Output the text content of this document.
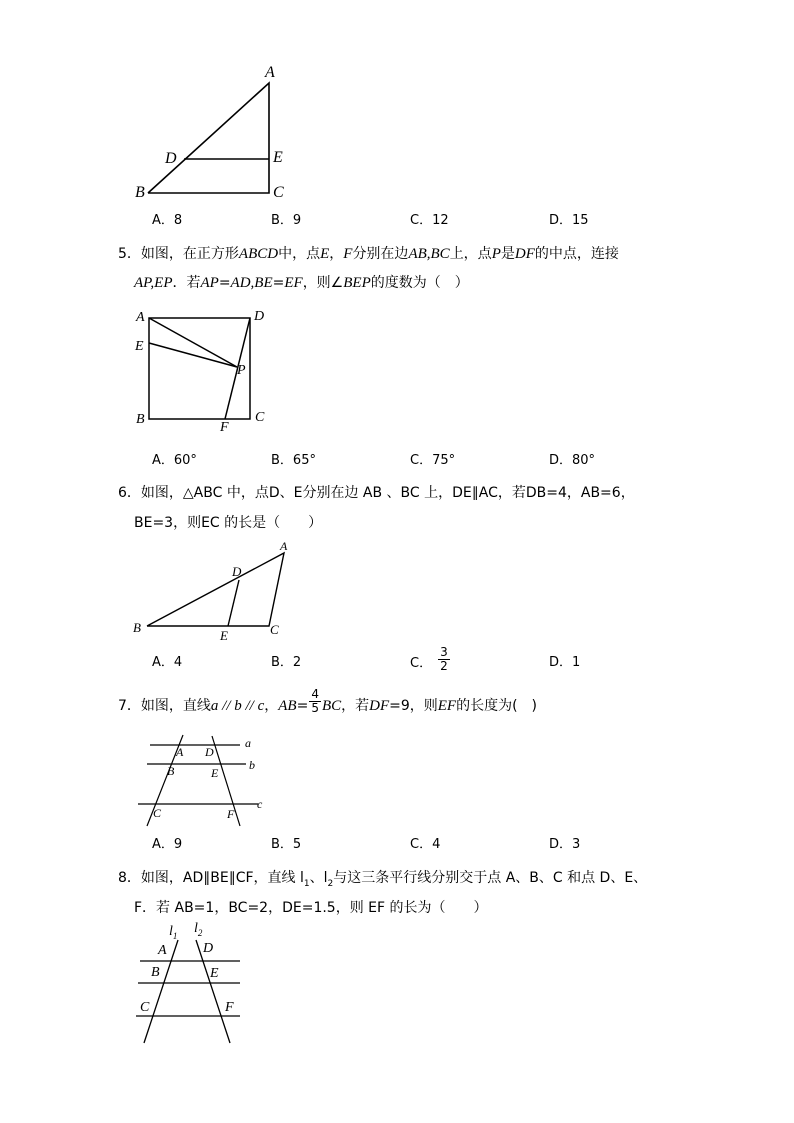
A
D	E
B	C
A．8	B．9	C．12	D．15
5．如图，在正方形ABCD中，点E，F分别在边AB,BC上，点P是DF的中点，连接
AP,EP．若AP=AD,BE=EF，则∠BEP的度数为（　）
A	D
E
P
B	C
F
A．60°	B．65°	C．75°	D．80°
6．如图，△ABC 中，点D、E分别在边 AB 、BC 上，DE∥AC，若DB=4，AB=6，
BE=3，则EC 的长是（　　）
A
D
B
E	C
A．4	B．2	C． $\frac{3}{2}$	D．1
7．如图，直线a // b // c，$AB= \frac{4}{5}$ BC，若DF=9，则EF的长度为(　)
a
b
c
A D
B	E
C	F
A．9	B．5	C．4	D．3
8．如图，AD∥BE∥CF，直线 $l_1$、$l_2$与这三条平行线分别交于点 A、B、C 和点 D、E、
F．若 AB=1，BC=2，DE=1.5，则 EF 的长为（　　）
$l_1$ $l_2$
A	D
B	E
C	F
